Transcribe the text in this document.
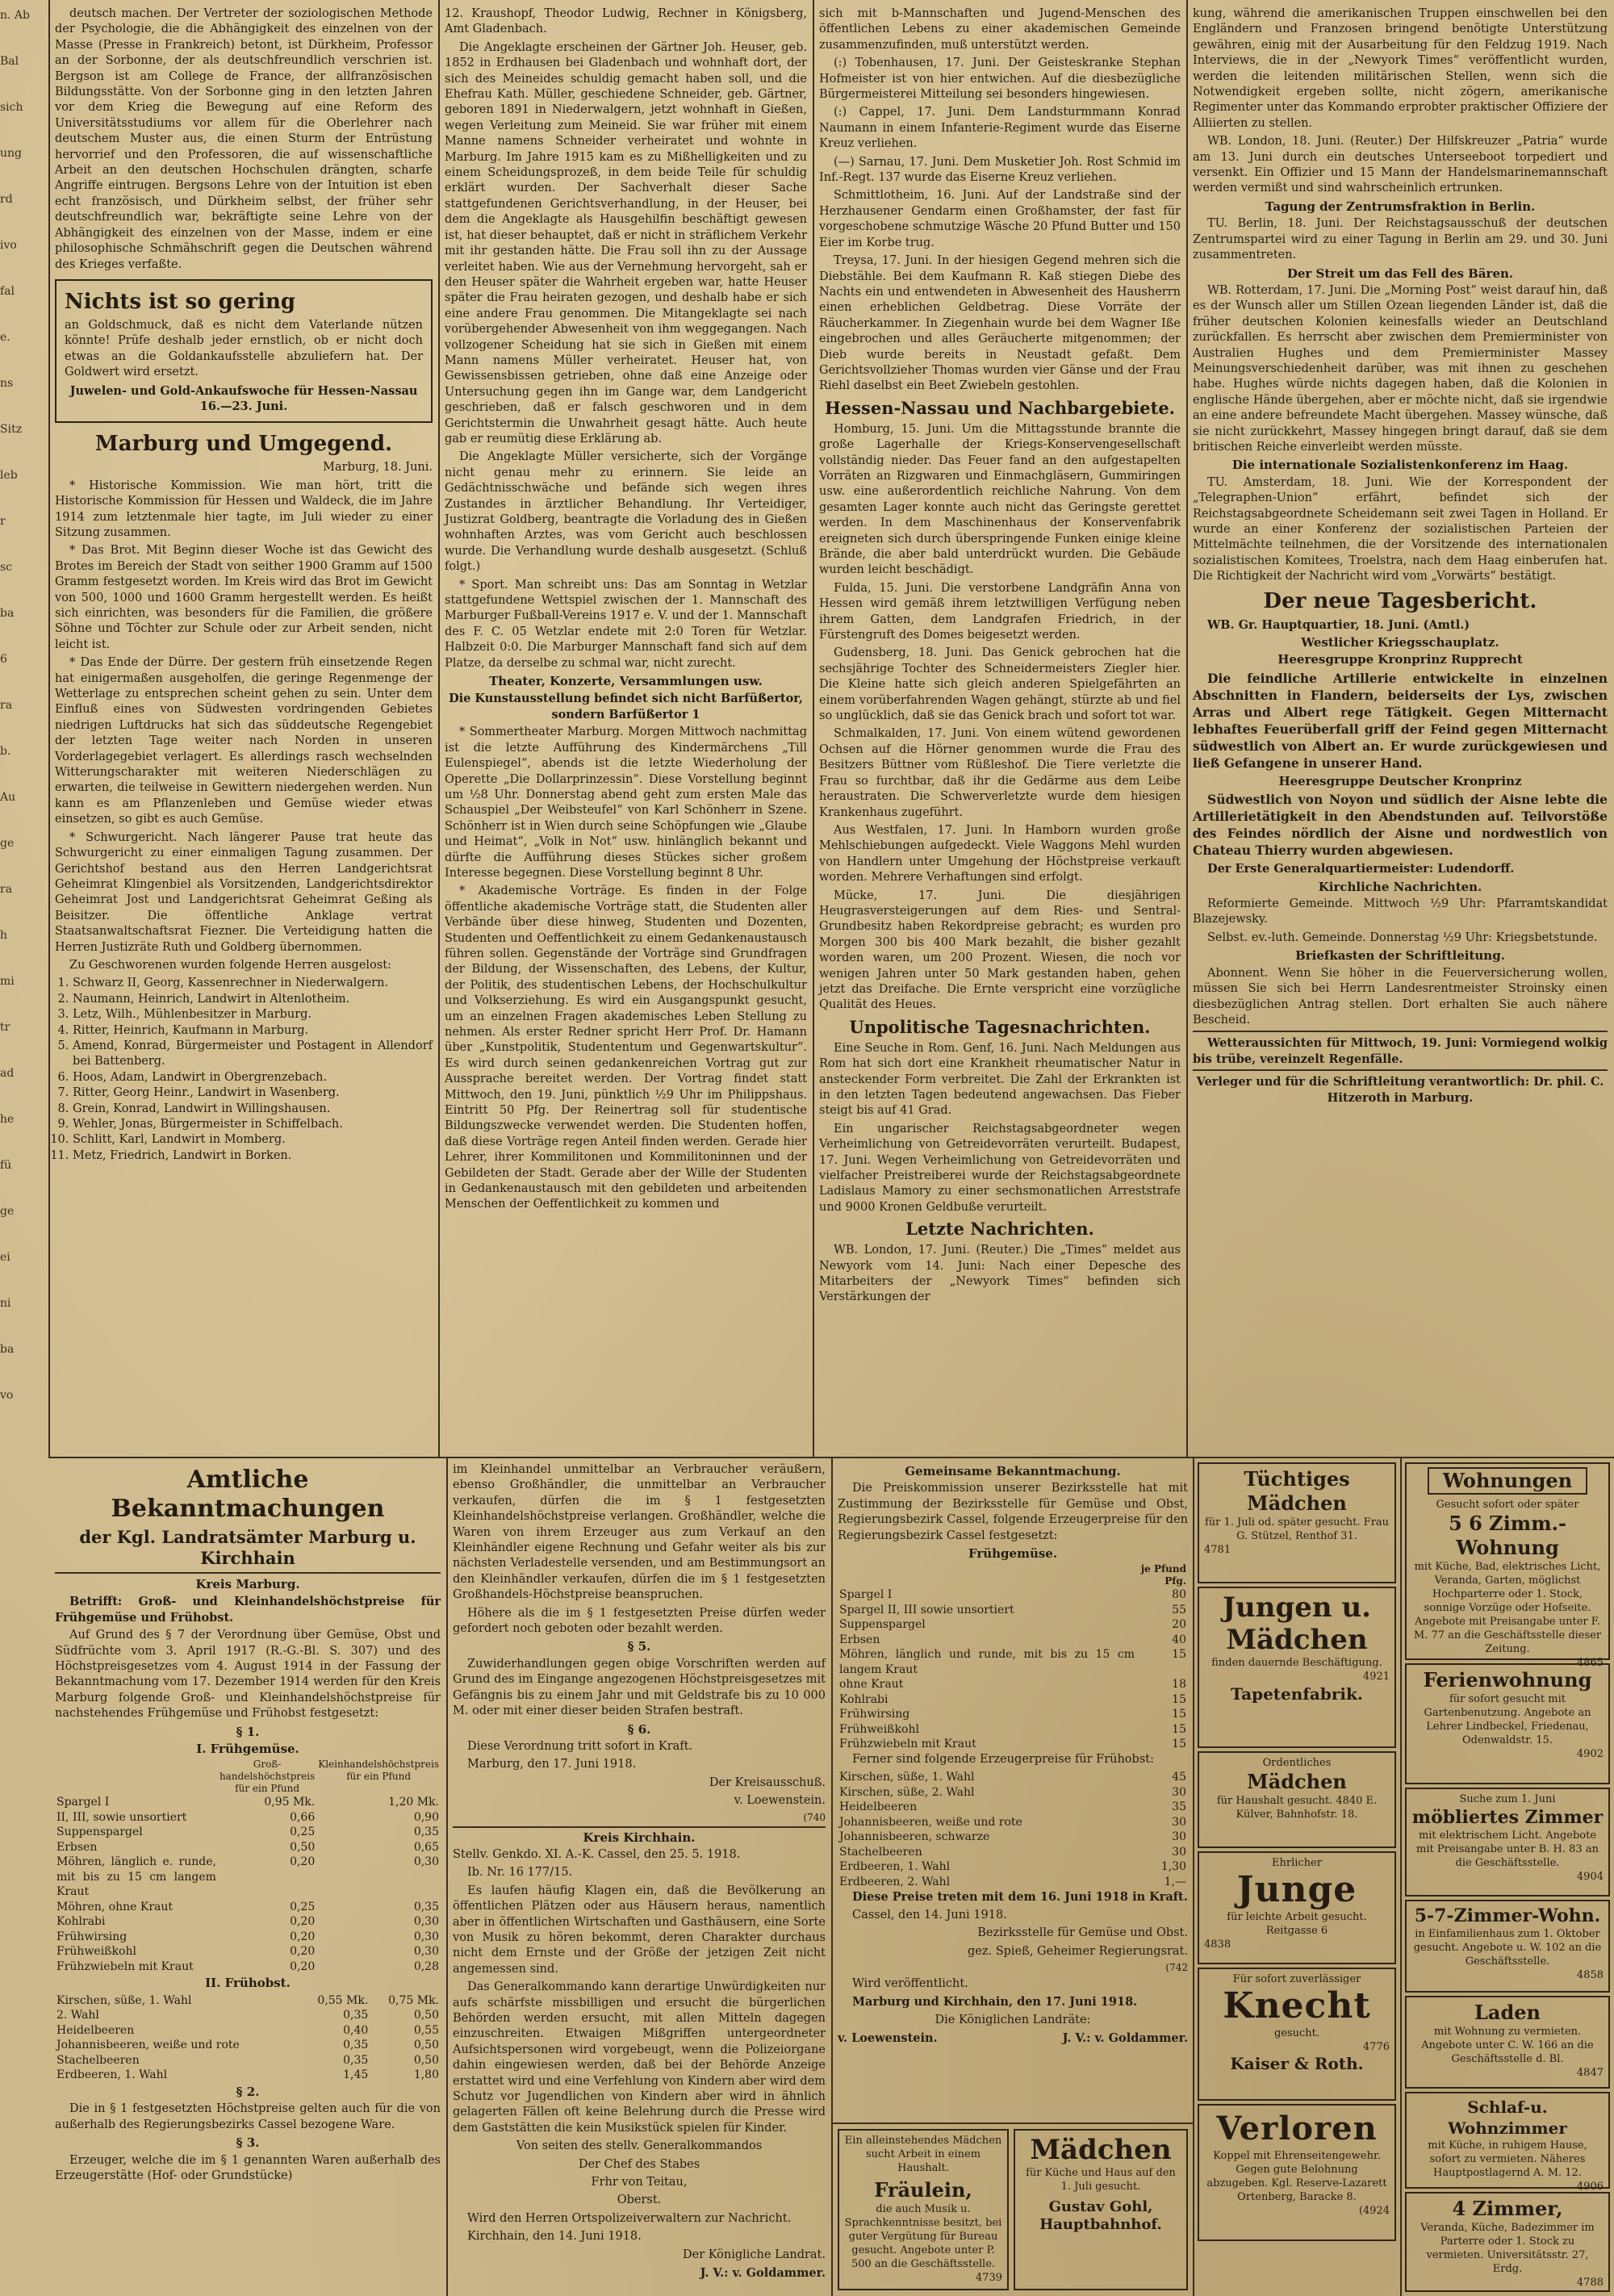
n. Ab
Bal
sich
ung
rd
ivo
fal
e.
ns
Sitz
leb
r
sc
ba
6
ra
b.
Au
ge
ra
h
mi
tr
ad
he
fü
ge
ei
ni
ba
vo

deutsch machen. Der Vertreter der soziologischen Methode der Psychologie, die die Abhängigkeit des einzelnen von der Masse (Presse in Frankreich) betont, ist Dürkheim, Professor an der Sorbonne, der als deutschfreundlich verschrien ist. Bergson ist am College de France, der allfranzösischen Bildungsstätte. Von der Sorbonne ging in den letzten Jahren vor dem Krieg die Bewegung auf eine Reform des Universitätsstudiums vor allem für die Oberlehrer nach deutschem Muster aus, die einen Sturm der Entrüstung hervorrief und den Professoren, die auf wissenschaftliche Arbeit an den deutschen Hochschulen drängten, scharfe Angriffe eintrugen. Bergsons Lehre von der Intuition ist eben echt französisch, und Dürkheim selbst, der früher sehr deutschfreundlich war, bekräftigte seine Lehre von der Abhängigkeit des einzelnen von der Masse, indem er eine philosophische Schmähschrift gegen die Deutschen während des Krieges verfaßte.

Nichts ist so gering

an Goldschmuck, daß es nicht dem Vaterlande nützen könnte! Prüfe deshalb jeder ernstlich, ob er nicht doch etwas an die Goldankaufsstelle abzuliefern hat. Der Goldwert wird ersetzt.

Juwelen- und Gold-Ankaufswoche für Hessen-Nassau 16.—23. Juni.

Marburg und Umgegend.

Marburg, 18. Juni.

* Historische Kommission. Wie man hört, tritt die Historische Kommission für Hessen und Waldeck, die im Jahre 1914 zum letztenmale hier tagte, im Juli wieder zu einer Sitzung zusammen.

* Das Brot. Mit Beginn dieser Woche ist das Gewicht des Brotes im Bereich der Stadt von seither 1900 Gramm auf 1500 Gramm festgesetzt worden. Im Kreis wird das Brot im Gewicht von 500, 1000 und 1600 Gramm hergestellt werden. Es heißt sich einrichten, was besonders für die Familien, die größere Söhne und Töchter zur Schule oder zur Arbeit senden, nicht leicht ist.

* Das Ende der Dürre. Der gestern früh einsetzende Regen hat einigermaßen ausgeholfen, die geringe Regenmenge der Wetterlage zu entsprechen scheint gehen zu sein. Unter dem Einfluß eines von Südwesten vordringenden Gebietes niedrigen Luftdrucks hat sich das süddeutsche Regengebiet der letzten Tage weiter nach Norden in unseren Vorderlagegebiet verlagert. Es allerdings rasch wechselnden Witterungscharakter mit weiteren Niederschlägen zu erwarten, die teilweise in Gewittern niedergehen werden. Nun kann es am Pflanzenleben und Gemüse wieder etwas einsetzen, so gibt es auch Gemüse.

* Schwurgericht. Nach längerer Pause trat heute das Schwurgericht zu einer einmaligen Tagung zusammen. Der Gerichtshof bestand aus den Herren Landgerichtsrat Geheimrat Klingenbiel als Vorsitzenden, Landgerichtsdirektor Geheimrat Jost und Landgerichtsrat Geheimrat Geßing als Beisitzer. Die öffentliche Anklage vertrat Staatsanwaltschaftsrat Fiezner. Die Verteidigung hatten die Herren Justizräte Ruth und Goldberg übernommen.

Zu Geschworenen wurden folgende Herren ausgelost:

1. Schwarz II, Georg, Kassenrechner in Niederwalgern.
2. Naumann, Heinrich, Landwirt in Altenlotheim.
3. Letz, Wilh., Mühlenbesitzer in Marburg.
4. Ritter, Heinrich, Kaufmann in Marburg.
5. Amend, Konrad, Bürgermeister und Postagent in Allendorf bei Battenberg.
6. Hoos, Adam, Landwirt in Obergrenzebach.
7. Ritter, Georg Heinr., Landwirt in Wasenberg.
8. Grein, Konrad, Landwirt in Willingshausen.
9. Wehler, Jonas, Bürgermeister in Schiffelbach.
10. Schlitt, Karl, Landwirt in Momberg.
11. Metz, Friedrich, Landwirt in Borken.

12. Kraushopf, Theodor Ludwig, Rechner in Königsberg, Amt Gladenbach.

Die Angeklagte erscheinen der Gärtner Joh. Heuser, geb. 1852 in Erdhausen bei Gladenbach und wohnhaft dort, der sich des Meineides schuldig gemacht haben soll, und die Ehefrau Kath. Müller, geschiedene Schneider, geb. Gärtner, geboren 1891 in Niederwalgern, jetzt wohnhaft in Gießen, wegen Verleitung zum Meineid. Sie war früher mit einem Manne namens Schneider verheiratet und wohnte in Marburg. Im Jahre 1915 kam es zu Mißhelligkeiten und zu einem Scheidungsprozeß, in dem beide Teile für schuldig erklärt wurden. Der Sachverhalt dieser Sache stattgefundenen Gerichtsverhandlung, in der Heuser, bei dem die Angeklagte als Hausgehilfin beschäftigt gewesen ist, hat dieser behauptet, daß er nicht in sträflichem Verkehr mit ihr gestanden hätte. Die Frau soll ihn zu der Aussage verleitet haben. Wie aus der Vernehmung hervorgeht, sah er den Heuser später die Wahrheit ergeben war, hatte Heuser später die Frau heiraten gezogen, und deshalb habe er sich eine andere Frau genommen. Die Mitangeklagte sei nach vorübergehender Abwesenheit von ihm weggegangen. Nach vollzogener Scheidung hat sie sich in Gießen mit einem Mann namens Müller verheiratet. Heuser hat, von Gewissensbissen getrieben, ohne daß eine Anzeige oder Untersuchung gegen ihn im Gange war, dem Landgericht geschrieben, daß er falsch geschworen und in dem Gerichtstermin die Unwahrheit gesagt hätte. Auch heute gab er reumütig diese Erklärung ab.

Die Angeklagte Müller versicherte, sich der Vorgänge nicht genau mehr zu erinnern. Sie leide an Gedächtnisschwäche und befände sich wegen ihres Zustandes in ärztlicher Behandlung. Ihr Verteidiger, Justizrat Goldberg, beantragte die Vorladung des in Gießen wohnhaften Arztes, was vom Gericht auch beschlossen wurde. Die Verhandlung wurde deshalb ausgesetzt. (Schluß folgt.)

* Sport. Man schreibt uns: Das am Sonntag in Wetzlar stattgefundene Wettspiel zwischen der 1. Mannschaft des Marburger Fußball-Vereins 1917 e. V. und der 1. Mannschaft des F. C. 05 Wetzlar endete mit 2:0 Toren für Wetzlar. Halbzeit 0:0. Die Marburger Mannschaft fand sich auf dem Platze, da derselbe zu schmal war, nicht zurecht.

Theater, Konzerte, Versammlungen usw.

Die Kunstausstellung befindet sich nicht Barfüßertor, sondern Barfüßertor 1

* Sommertheater Marburg. Morgen Mittwoch nachmittag ist die letzte Aufführung des Kindermärchens „Till Eulenspiegel“, abends ist die letzte Wiederholung der Operette „Die Dollarprinzessin“. Diese Vorstellung beginnt um ½8 Uhr. Donnerstag abend geht zum ersten Male das Schauspiel „Der Weibsteufel“ von Karl Schönherr in Szene. Schönherr ist in Wien durch seine Schöpfungen wie „Glaube und Heimat“, „Volk in Not“ usw. hinlänglich bekannt und dürfte die Aufführung dieses Stückes sicher großem Interesse begegnen. Diese Vorstellung beginnt 8 Uhr.

* Akademische Vorträge. Es finden in der Folge öffentliche akademische Vorträge statt, die Studenten aller Verbände über diese hinweg, Studenten und Dozenten, Studenten und Oeffentlichkeit zu einem Gedankenaustausch führen sollen. Gegenstände der Vorträge sind Grundfragen der Bildung, der Wissenschaften, des Lebens, der Kultur, der Politik, des studentischen Lebens, der Hochschulkultur und Volkserziehung. Es wird ein Ausgangspunkt gesucht, um an einzelnen Fragen akademisches Leben Stellung zu nehmen. Als erster Redner spricht Herr Prof. Dr. Hamann über „Kunstpolitik, Studententum und Gegenwartskultur“. Es wird durch seinen gedankenreichen Vortrag gut zur Aussprache bereitet werden. Der Vortrag findet statt Mittwoch, den 19. Juni, pünktlich ½9 Uhr im Philippshaus. Eintritt 50 Pfg. Der Reinertrag soll für studentische Bildungszwecke verwendet werden. Die Studenten hoffen, daß diese Vorträge regen Anteil finden werden. Gerade hier Lehrer, ihrer Kommilitonen und Kommilitoninnen und der Gebildeten der Stadt. Gerade aber der Wille der Studenten in Gedankenaustausch mit den gebildeten und arbeitenden Menschen der Oeffentlichkeit zu kommen und

sich mit b-Mannschaften und Jugend-Menschen des öffentlichen Lebens zu einer akademischen Gemeinde zusammenzufinden, muß unterstützt werden.

(:) Tobenhausen, 17. Juni. Der Geisteskranke Stephan Hofmeister ist von hier entwichen. Auf die diesbezügliche Bürgermeisterei Mitteilung sei besonders hingewiesen.

(:) Cappel, 17. Juni. Dem Landsturmmann Konrad Naumann in einem Infanterie-Regiment wurde das Eiserne Kreuz verliehen.

(—) Sarnau, 17. Juni. Dem Musketier Joh. Rost Schmid im Inf.-Regt. 137 wurde das Eiserne Kreuz verliehen.

Schmittlotheim, 16. Juni. Auf der Landstraße sind der Herzhausener Gendarm einen Großhamster, der fast für vorgeschobene schmutzige Wäsche 20 Pfund Butter und 150 Eier im Korbe trug.

Treysa, 17. Juni. In der hiesigen Gegend mehren sich die Diebstähle. Bei dem Kaufmann R. Kaß stiegen Diebe des Nachts ein und entwendeten in Abwesenheit des Hausherrn einen erheblichen Geldbetrag. Diese Vorräte der Räucherkammer. In Ziegenhain wurde bei dem Wagner Iße eingebrochen und alles Geräucherte mitgenommen; der Dieb wurde bereits in Neustadt gefaßt. Dem Gerichtsvollzieher Thomas wurden vier Gänse und der Frau Riehl daselbst ein Beet Zwiebeln gestohlen.

Hessen-Nassau und Nachbargebiete.

Homburg, 15. Juni. Um die Mittagsstunde brannte die große Lagerhalle der Kriegs-Konservengesellschaft vollständig nieder. Das Feuer fand an den aufgestapelten Vorräten an Rizgwaren und Einmachgläsern, Gummiringen usw. eine außerordentlich reichliche Nahrung. Von dem gesamten Lager konnte auch nicht das Geringste gerettet werden. In dem Maschinenhaus der Konservenfabrik ereigneten sich durch überspringende Funken einige kleine Brände, die aber bald unterdrückt wurden. Die Gebäude wurden leicht beschädigt.

Fulda, 15. Juni. Die verstorbene Landgräfin Anna von Hessen wird gemäß ihrem letztwilligen Verfügung neben ihrem Gatten, dem Landgrafen Friedrich, in der Fürstengruft des Domes beigesetzt werden.

Gudensberg, 18. Juni. Das Genick gebrochen hat die sechsjährige Tochter des Schneidermeisters Ziegler hier. Die Kleine hatte sich gleich anderen Spielgefährten an einem vorüberfahrenden Wagen gehängt, stürzte ab und fiel so unglücklich, daß sie das Genick brach und sofort tot war.

Schmalkalden, 17. Juni. Von einem wütend gewordenen Ochsen auf die Hörner genommen wurde die Frau des Besitzers Büttner vom Rüßleshof. Die Tiere verletzte die Frau so furchtbar, daß ihr die Gedärme aus dem Leibe heraustraten. Die Schwerverletzte wurde dem hiesigen Krankenhaus zugeführt.

Aus Westfalen, 17. Juni. In Hamborn wurden große Mehlschiebungen aufgedeckt. Viele Waggons Mehl wurden von Handlern unter Umgehung der Höchstpreise verkauft worden. Mehrere Verhaftungen sind erfolgt.

Mücke, 17. Juni. Die diesjährigen Heugrasversteigerungen auf dem Ries- und Sentral-Grundbesitz haben Rekordpreise gebracht; es wurden pro Morgen 300 bis 400 Mark bezahlt, die bisher gezahlt worden waren, um 200 Prozent. Wiesen, die noch vor wenigen Jahren unter 50 Mark gestanden haben, gehen jetzt das Dreifache. Die Ernte verspricht eine vorzügliche Qualität des Heues.

Unpolitische Tagesnachrichten.

Eine Seuche in Rom. Genf, 16. Juni. Nach Meldungen aus Rom hat sich dort eine Krankheit rheumatischer Natur in ansteckender Form verbreitet. Die Zahl der Erkrankten ist in den letzten Tagen bedeutend angewachsen. Das Fieber steigt bis auf 41 Grad.

Ein ungarischer Reichstagsabgeordneter wegen Verheimlichung von Getreidevorräten verurteilt. Budapest, 17. Juni. Wegen Verheimlichung von Getreidevorräten und vielfacher Preistreiberei wurde der Reichstagsabgeordnete Ladislaus Mamory zu einer sechsmonatlichen Arreststrafe und 9000 Kronen Geldbuße verurteilt.

Letzte Nachrichten.

WB. London, 17. Juni. (Reuter.) Die „Times“ meldet aus Newyork vom 14. Juni: Nach einer Depesche des Mitarbeiters der „Newyork Times“ befinden sich Verstärkungen der

kung, während die amerikanischen Truppen einschwellen bei den Engländern und Franzosen bringend benötigte Unterstützung gewähren, einig mit der Ausarbeitung für den Feldzug 1919. Nach Interviews, die in der „Newyork Times“ veröffentlicht wurden, werden die leitenden militärischen Stellen, wenn sich die Notwendigkeit ergeben sollte, nicht zögern, amerikanische Regimenter unter das Kommando erprobter praktischer Offiziere der Alliierten zu stellen.

WB. London, 18. Juni. (Reuter.) Der Hilfskreuzer „Patria“ wurde am 13. Juni durch ein deutsches Unterseeboot torpediert und versenkt. Ein Offizier und 15 Mann der Handelsmarinemannschaft werden vermißt und sind wahrscheinlich ertrunken.

Tagung der Zentrumsfraktion in Berlin.

TU. Berlin, 18. Juni. Der Reichstagsausschuß der deutschen Zentrumspartei wird zu einer Tagung in Berlin am 29. und 30. Juni zusammentreten.

Der Streit um das Fell des Bären.

WB. Rotterdam, 17. Juni. Die „Morning Post“ weist darauf hin, daß es der Wunsch aller um Stillen Ozean liegenden Länder ist, daß die früher deutschen Kolonien keinesfalls wieder an Deutschland zurückfallen. Es herrscht aber zwischen dem Premierminister von Australien Hughes und dem Premierminister Massey Meinungsverschiedenheit darüber, was mit ihnen zu geschehen habe. Hughes würde nichts dagegen haben, daß die Kolonien in englische Hände übergehen, aber er möchte nicht, daß sie irgendwie an eine andere befreundete Macht übergehen. Massey wünsche, daß sie nicht zurückkehrt, Massey hingegen bringt darauf, daß sie dem britischen Reiche einverleibt werden müsste.

Die internationale Sozialistenkonferenz im Haag.

TU. Amsterdam, 18. Juni. Wie der Korrespondent der „Telegraphen-Union“ erfährt, befindet sich der Reichstagsabgeordnete Scheidemann seit zwei Tagen in Holland. Er wurde an einer Konferenz der sozialistischen Parteien der Mittelmächte teilnehmen, die der Vorsitzende des internationalen sozialistischen Komitees, Troelstra, nach dem Haag einberufen hat. Die Richtigkeit der Nachricht wird vom „Vorwärts“ bestätigt.

Der neue Tagesbericht.

WB. Gr. Hauptquartier, 18. Juni. (Amtl.)

Westlicher Kriegsschauplatz.
Heeresgruppe Kronprinz Rupprecht

Die feindliche Artillerie entwickelte in einzelnen Abschnitten in Flandern, beiderseits der Lys, zwischen Arras und Albert rege Tätigkeit. Gegen Mitternacht lebhaftes Feuerüberfall griff der Feind gegen Mitternacht südwestlich von Albert an. Er wurde zurückgewiesen und ließ Gefangene in unserer Hand.

Heeresgruppe Deutscher Kronprinz

Südwestlich von Noyon und südlich der Aisne lebte die Artillerietätigkeit in den Abendstunden auf. Teilvorstöße des Feindes nördlich der Aisne und nordwestlich von Chateau Thierry wurden abgewiesen.

Der Erste Generalquartiermeister: Ludendorff.

Kirchliche Nachrichten.

Reformierte Gemeinde. Mittwoch ½9 Uhr: Pfarramtskandidat Blazejewsky.

Selbst. ev.-luth. Gemeinde. Donnerstag ½9 Uhr: Kriegsbetstunde.

Briefkasten der Schriftleitung.

Abonnent. Wenn Sie höher in die Feuerversicherung wollen, müssen Sie sich bei Herrn Landesrentmeister Stroinsky einen diesbezüglichen Antrag stellen. Dort erhalten Sie auch nähere Bescheid.

Wetteraussichten für Mittwoch, 19. Juni: Vormiegend wolkig bis trübe, vereinzelt Regenfälle.

Verleger und für die Schriftleitung verantwortlich: Dr. phil. C. Hitzeroth in Marburg.

Amtliche Bekanntmachungen
der Kgl. Landratsämter Marburg u. Kirchhain
Kreis Marburg.

Betrifft: Groß- und Kleinhandelshöchstpreise für Frühgemüse und Frühobst.

Auf Grund des § 7 der Verordnung über Gemüse, Obst und Südfrüchte vom 3. April 1917 (R.-G.-Bl. S. 307) und des Höchstpreisgesetzes vom 4. August 1914 in der Fassung der Bekanntmachung vom 17. Dezember 1914 werden für den Kreis Marburg folgende Groß- und Kleinhandelshöchstpreise für nachstehendes Frühgemüse und Frühobst festgesetzt:

§ 1.
I. Frühgemüse.
	Groß-handelshöchstpreis für ein Pfund	Kleinhandelshöchstpreis für ein Pfund
Spargel I	0,95 Mk.	1,20 Mk.
II, III, sowie unsortiert	0,66	0,90
Suppenspargel	0,25	0,35
Erbsen	0,50	0,65
Möhren, länglich e. runde, mit bis zu 15 cm langem Kraut	0,20	0,30
Möhren, ohne Kraut	0,25	0,35
Kohlrabi	0,20	0,30
Frühwirsing	0,20	0,30
Frühweißkohl	0,20	0,30
Frühzwiebeln mit Kraut	0,20	0,28
II. Frühobst.
Kirschen, süße, 1. Wahl	0,55 Mk.	0,75 Mk.
2. Wahl	0,35	0,50
Heidelbeeren	0,40	0,55
Johannisbeeren, weiße und rote	0,35	0,50
Stachelbeeren	0,35	0,50
Erdbeeren, 1. Wahl	1,45	1,80
§ 2.

Die in § 1 festgesetzten Höchstpreise gelten auch für die von außerhalb des Regierungsbezirks Cassel bezogene Ware.

§ 3.

Erzeuger, welche die im § 1 genannten Waren außerhalb des Erzeugerstätte (Hof- oder Grundstücke)

im Kleinhandel unmittelbar an Verbraucher veräußern, ebenso Großhändler, die unmittelbar an Verbraucher verkaufen, dürfen die im § 1 festgesetzten Kleinhandelshöchstpreise verlangen. Großhändler, welche die Waren von ihrem Erzeuger aus zum Verkauf an den Kleinhändler eigene Rechnung und Gefahr weiter als bis zur nächsten Verladestelle versenden, und am Bestimmungsort an den Kleinhändler verkaufen, dürfen die im § 1 festgesetzten Großhandels-Höchstpreise beanspruchen.

Höhere als die im § 1 festgesetzten Preise dürfen weder gefordert noch geboten oder bezahlt werden.

§ 5.

Zuwiderhandlungen gegen obige Vorschriften werden auf Grund des im Eingange angezogenen Höchstpreisgesetzes mit Gefängnis bis zu einem Jahr und mit Geldstrafe bis zu 10 000 M. oder mit einer dieser beiden Strafen bestraft.

§ 6.

Diese Verordnung tritt sofort in Kraft.

Marburg, den 17. Juni 1918.

Der Kreisausschuß.

v. Loewenstein.

(740

Kreis Kirchhain.

Stellv. Genkdo. XI. A.-K. Cassel, den 25. 5. 1918.

Ib. Nr. 16 177/15.

Es laufen häufig Klagen ein, daß die Bevölkerung an öffentlichen Plätzen oder aus Häusern heraus, namentlich aber in öffentlichen Wirtschaften und Gasthäusern, eine Sorte von Musik zu hören bekommt, deren Charakter durchaus nicht dem Ernste und der Größe der jetzigen Zeit nicht angemessen sind.

Das Generalkommando kann derartige Unwürdigkeiten nur aufs schärfste missbilligen und ersucht die bürgerlichen Behörden werden ersucht, mit allen Mitteln dagegen einzuschreiten. Etwaigen Mißgriffen untergeordneter Aufsichtspersonen wird vorgebeugt, wenn die Polizeiorgane dahin eingewiesen werden, daß bei der Behörde Anzeige erstattet wird und eine Verfehlung von Kindern aber wird dem Schutz vor Jugendlichen von Kindern aber wird in ähnlich gelagerten Fällen oft keine Belehrung durch die Presse wird dem Gaststätten die kein Musikstück spielen für Kinder.

Von seiten des stellv. Generalkommandos

Der Chef des Stabes

Frhr von Teitau,

Oberst.

Wird den Herren Ortspolizeiverwaltern zur Nachricht.

Kirchhain, den 14. Juni 1918.

Der Königliche Landrat.

J. V.: v. Goldammer.

Gemeinsame Bekanntmachung.

Die Preiskommission unserer Bezirksstelle hat mit Zustimmung der Bezirksstelle für Gemüse und Obst, Regierungsbezirk Cassel, folgende Erzeugerpreise für den Regierungsbezirk Cassel festgesetzt:

Frühgemüse.
	je Pfund Pfg.
Spargel I	80
Spargel II, III sowie unsortiert	55
Suppenspargel	20
Erbsen	40
Möhren, länglich und runde, mit bis zu 15 cm langem Kraut	15
ohne Kraut	18
Kohlrabi	15
Frühwirsing	15
Frühweißkohl	15
Frühzwiebeln mit Kraut	15

Ferner sind folgende Erzeugerpreise für Frühobst:

Kirschen, süße, 1. Wahl	45
Kirschen, süße, 2. Wahl	30
Heidelbeeren	35
Johannisbeeren, weiße und rote	30
Johannisbeeren, schwarze	30
Stachelbeeren	30
Erdbeeren, 1. Wahl	1,30
Erdbeeren, 2. Wahl	1,—

Diese Preise treten mit dem 16. Juni 1918 in Kraft.

Cassel, den 14. Juni 1918.

Bezirksstelle für Gemüse und Obst.

gez. Spieß, Geheimer Regierungsrat.

(742

Wird veröffentlicht.

Marburg und Kirchhain, den 17. Juni 1918.

Die Königlichen Landräte:

v. Loewenstein.	J. V.: v. Goldammer.

Ein alleinstehendes Mädchen sucht Arbeit in einem Haushalt.
Fräulein,
die auch Musik u. Sprachkenntnisse besitzt, bei guter Vergütung für Bureau gesucht. Angebote unter P. 500 an die Geschäftsstelle.
4739
Mädchen
für Küche und Haus auf den 1. Juli gesucht.
Gustav Gohl, Hauptbahnhof.
Tüchtiges Mädchen
für 1. Juli od. später gesucht. Frau G. Stützel, Renthof 31.
4781
Jungen u. Mädchen
finden dauernde Beschäftigung.
4921
Tapetenfabrik.
Ordentliches
Mädchen
für Haushalt gesucht. 4840 E. Külver, Bahnhofstr. 18.
Ehrlicher
Junge
für leichte Arbeit gesucht. Reitgasse 6
4838
Für sofort zuverlässiger
Knecht
gesucht.
4776
Kaiser & Roth.
Verloren
Koppel mit Ehrenseitengewehr. Gegen gute Belohnung abzugeben. Kgl. Reserve-Lazarett Ortenberg, Baracke 8.
(4924
Wohnungen
Gesucht sofort oder später
5 6 Zimm.-Wohnung
mit Küche, Bad, elektrisches Licht, Veranda, Garten, möglichst Hochparterre oder 1. Stock, sonnige Vorzüge oder Hofseite. Angebote mit Preisangabe unter F. M. 77 an die Geschäftsstelle dieser Zeitung.
4865
Ferienwohnung
für sofort gesucht mit Gartenbenutzung. Angebote an Lehrer Lindbeckel, Friedenau, Odenwaldstr. 15.
4902
Suche zum 1. Juni
möbliertes Zimmer
mit elektrischem Licht. Angebote mit Preisangabe unter B. H. 83 an die Geschäftsstelle.
4904
5-7-Zimmer-Wohn.
in Einfamilienhaus zum 1. Oktober gesucht. Angebote u. W. 102 an die Geschäftsstelle.
4858
Laden
mit Wohnung zu vermieten. Angebote unter C. W. 166 an die Geschäftsstelle d. Bl.
4847
Schlaf-u. Wohnzimmer
mit Küche, in ruhigem Hause, sofort zu vermieten. Näheres Hauptpostlagernd A. M. 12.
4906
4 Zimmer,
Veranda, Küche, Badezimmer im Parterre oder 1. Stock zu vermieten. Universitätsstr. 27, Erdg.
4788
